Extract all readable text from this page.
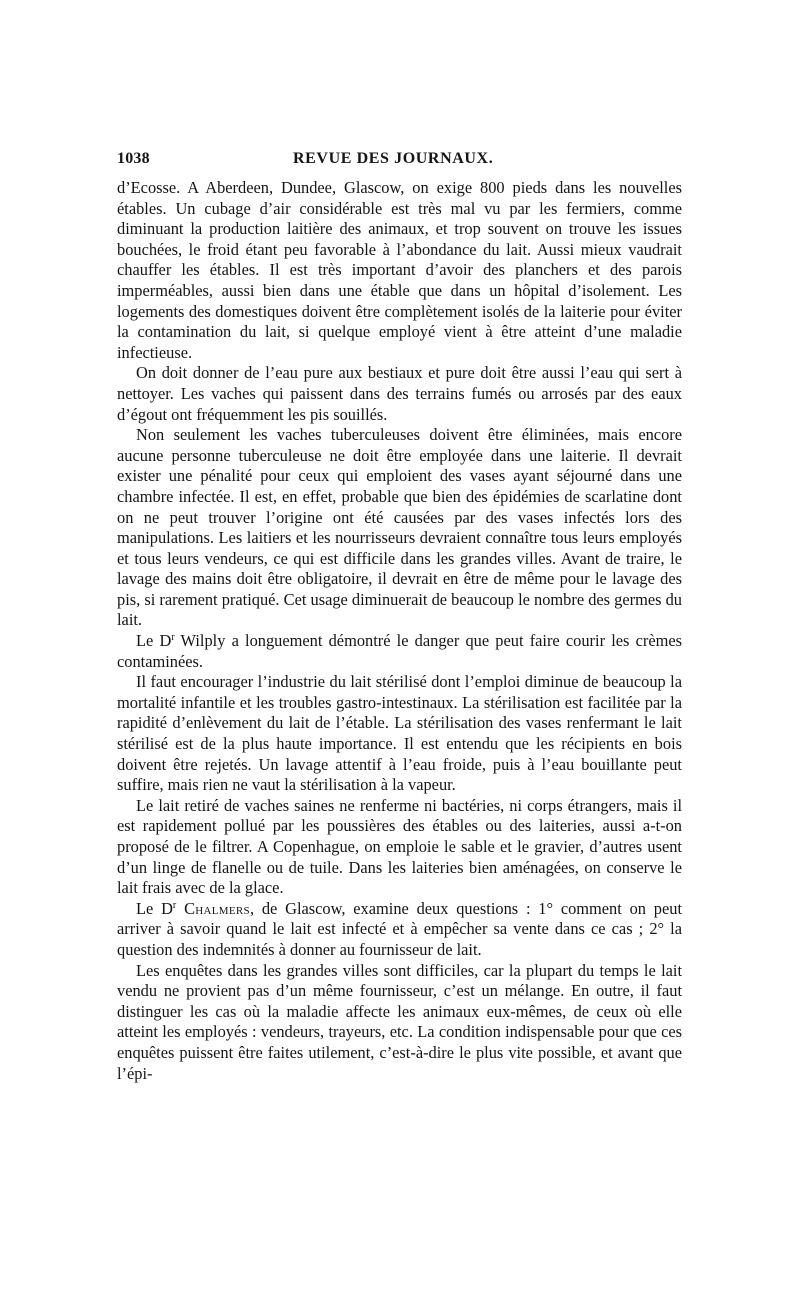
1038	REVUE DES JOURNAUX.

d’Ecosse. A Aberdeen, Dundee, Glascow, on exige 800 pieds dans les nouvelles étables. Un cubage d’air considérable est très mal vu par les fermiers, comme diminuant la production laitière des animaux, et trop souvent on trouve les issues bouchées, le froid étant peu favorable à l’abondance du lait. Aussi mieux vaudrait chauffer les étables. Il est très important d’avoir des planchers et des parois imperméables, aussi bien dans une étable que dans un hôpital d’isolement. Les logements des domestiques doivent être complètement isolés de la laiterie pour éviter la contamination du lait, si quelque employé vient à être atteint d’une maladie infectieuse.

On doit donner de l’eau pure aux bestiaux et pure doit être aussi l’eau qui sert à nettoyer. Les vaches qui paissent dans des terrains fumés ou arrosés par des eaux d’égout ont fréquemment les pis souillés.

Non seulement les vaches tuberculeuses doivent être éliminées, mais encore aucune personne tuberculeuse ne doit être employée dans une laiterie. Il devrait exister une pénalité pour ceux qui emploient des vases ayant séjourné dans une chambre infectée. Il est, en effet, probable que bien des épidémies de scarlatine dont on ne peut trouver l’origine ont été causées par des vases infectés lors des manipulations. Les laitiers et les nourrisseurs devraient connaître tous leurs employés et tous leurs vendeurs, ce qui est difficile dans les grandes villes. Avant de traire, le lavage des mains doit être obligatoire, il devrait en être de même pour le lavage des pis, si rarement pratiqué. Cet usage diminuerait de beaucoup le nombre des germes du lait.

Le $D^r$ Wilply a longuement démontré le danger que peut faire courir les crèmes contaminées.

Il faut encourager l’industrie du lait stérilisé dont l’emploi diminue de beaucoup la mortalité infantile et les troubles gastro-intestinaux. La stérilisation est facilitée par la rapidité d’enlèvement du lait de l’étable. La stérilisation des vases renfermant le lait stérilisé est de la plus haute importance. Il est entendu que les récipients en bois doivent être rejetés. Un lavage attentif à l’eau froide, puis à l’eau bouillante peut suffire, mais rien ne vaut la stérilisation à la vapeur.

Le lait retiré de vaches saines ne renferme ni bactéries, ni corps étrangers, mais il est rapidement pollué par les poussières des étables ou des laiteries, aussi a-t-on proposé de le filtrer. A Copenhague, on emploie le sable et le gravier, d’autres usent d’un linge de flanelle ou de tuile. Dans les laiteries bien aménagées, on conserve le lait frais avec de la glace.

Le $D^r$ Chalmers, de Glascow, examine deux questions : 1° comment on peut arriver à savoir quand le lait est infecté et à empêcher sa vente dans ce cas ; 2° la question des indemnités à donner au fournisseur de lait.

Les enquêtes dans les grandes villes sont difficiles, car la plupart du temps le lait vendu ne provient pas d’un même fournisseur, c’est un mélange. En outre, il faut distinguer les cas où la maladie affecte les animaux eux-mêmes, de ceux où elle atteint les employés : vendeurs, trayeurs, etc. La condition indispensable pour que ces enquêtes puissent être faites utilement, c’est-à-dire le plus vite possible, et avant que l’épi-
